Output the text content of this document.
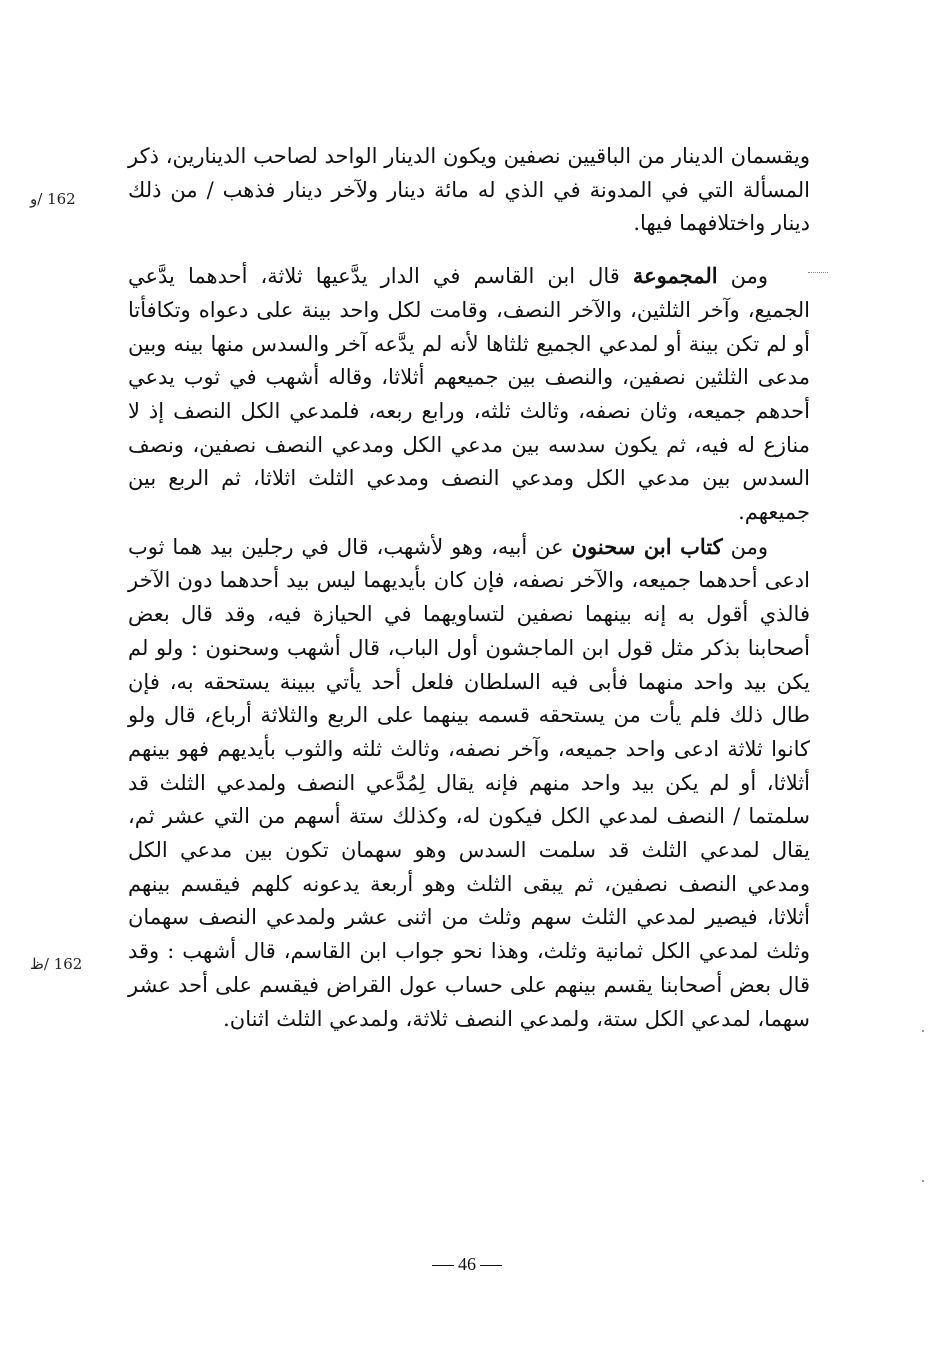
162 /و
162 /ظ

ويقسمان الدينار من الباقيين نصفين ويكون الدينار الواحد لصاحب الدينارين، ذكر المسألة التي في المدونة في الذي له مائة دينار ولآخر دينار فذهب / من ذلك دينار واختلافهما فيها.

ومن المجموعة قال ابن القاسم في الدار يدَّعيها ثلاثة، أحدهما يدَّعي الجميع، وآخر الثلثين، والآخر النصف، وقامت لكل واحد بينة على دعواه وتكافأتا أو لم تكن بينة أو لمدعي الجميع ثلثاها لأنه لم يدَّعه آخر والسدس منها بينه وبين مدعى الثلثين نصفين، والنصف بين جميعهم أثلاثا، وقاله أشهب في ثوب يدعي أحدهم جميعه، وثان نصفه، وثالث ثلثه، ورابع ربعه، فلمدعي الكل النصف إذ لا منازع له فيه، ثم يكون سدسه بين مدعي الكل ومدعي النصف نصفين، ونصف السدس بين مدعي الكل ومدعي النصف ومدعي الثلث اثلاثا، ثم الربع بين جميعهم.

ومن كتاب ابن سحنون عن أبيه، وهو لأشهب، قال في رجلين بيد هما ثوب ادعى أحدهما جميعه، والآخر نصفه، فإن كان بأيديهما ليس بيد أحدهما دون الآخر فالذي أقول به إنه بينهما نصفين لتساويهما في الحيازة فيه، وقد قال بعض أصحابنا بذكر مثل قول ابن الماجشون أول الباب، قال أشهب وسحنون : ولو لم يكن بيد واحد منهما فأبى فيه السلطان فلعل أحد يأتي ببينة يستحقه به، فإن طال ذلك فلم يأت من يستحقه قسمه بينهما على الربع والثلاثة أرباع، قال ولو كانوا ثلاثة ادعى واحد جميعه، وآخر نصفه، وثالث ثلثه والثوب بأيديهم فهو بينهم أثلاثا، أو لم يكن بيد واحد منهم فإنه يقال لِمُدَّعي النصف ولمدعي الثلث قد سلمتما / النصف لمدعي الكل فيكون له، وكذلك ستة أسهم من التي عشر ثم، يقال لمدعي الثلث قد سلمت السدس وهو سهمان تكون بين مدعي الكل ومدعي النصف نصفين، ثم يبقى الثلث وهو أربعة يدعونه كلهم فيقسم بينهم أثلاثا، فيصير لمدعي الثلث سهم وثلث من اثنى عشر ولمدعي النصف سهمان وثلث لمدعي الكل ثمانية وثلث، وهذا نحو جواب ابن القاسم، قال أشهب : وقد قال بعض أصحابنا يقسم بينهم على حساب عول القراض فيقسم على أحد عشر سهما، لمدعي الكل ستة، ولمدعي النصف ثلاثة، ولمدعي الثلث اثنان.

46
